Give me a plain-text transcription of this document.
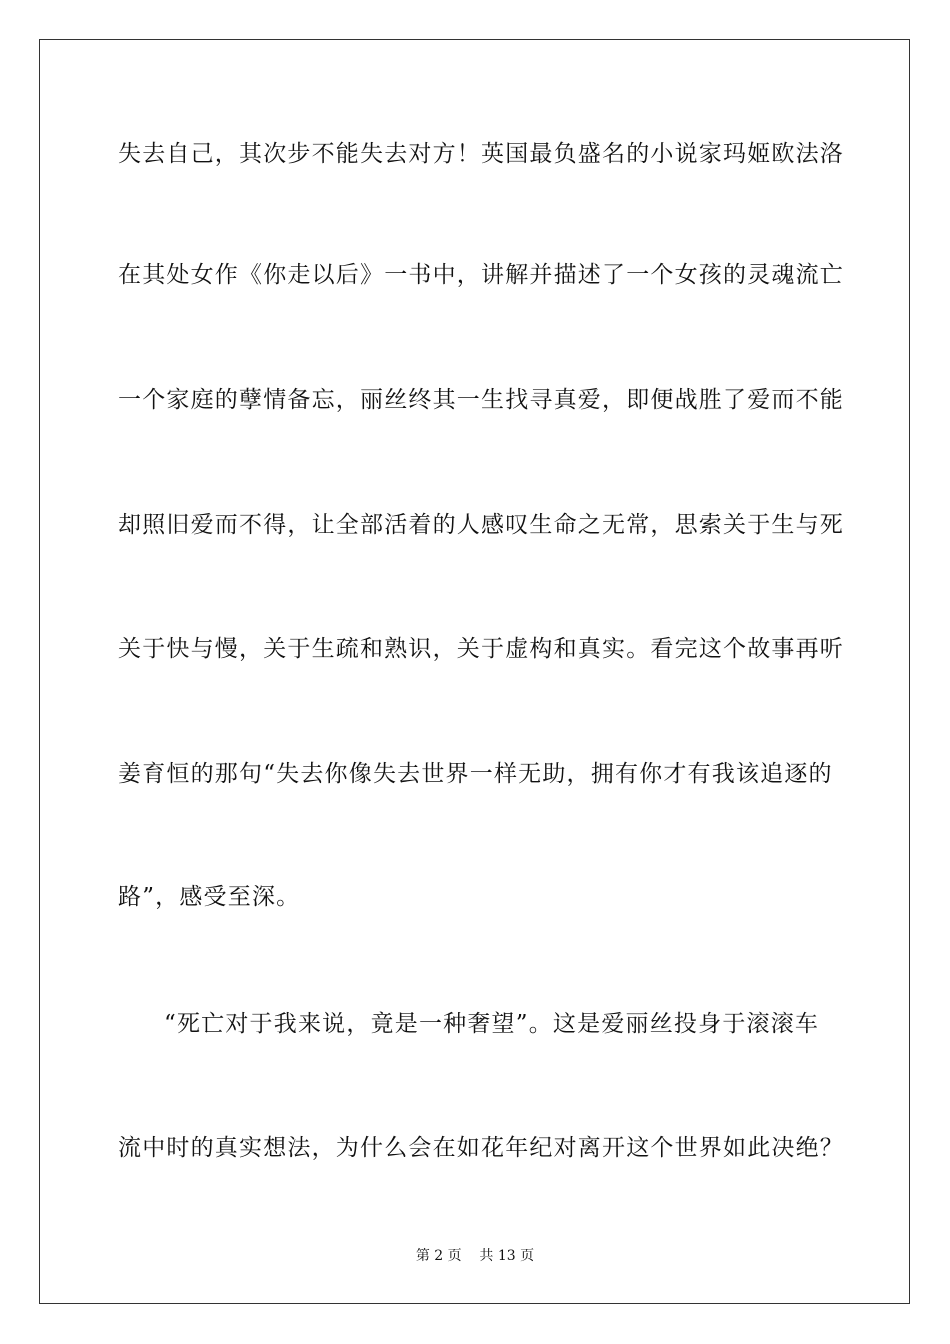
失去自己，其次步不能失去对方！英国最负盛名的小说家玛姬欧法洛
在其处女作《你走以后》一书中，讲解并描述了一个女孩的灵魂流亡
一个家庭的孽情备忘，丽丝终其一生找寻真爱，即便战胜了爱而不能
却照旧爱而不得，让全部活着的人感叹生命之无常，思索关于生与死
关于快与慢，关于生疏和熟识，关于虚构和真实。看完这个故事再听
姜育恒的那句“失去你像失去世界一样无助，拥有你才有我该追逐的
路”，感受至深。
“死亡对于我来说，竟是一种奢望”。这是爱丽丝投身于滚滚车
流中时的真实想法，为什么会在如花年纪对离开这个世界如此决绝？
第 2 页    共 13 页
